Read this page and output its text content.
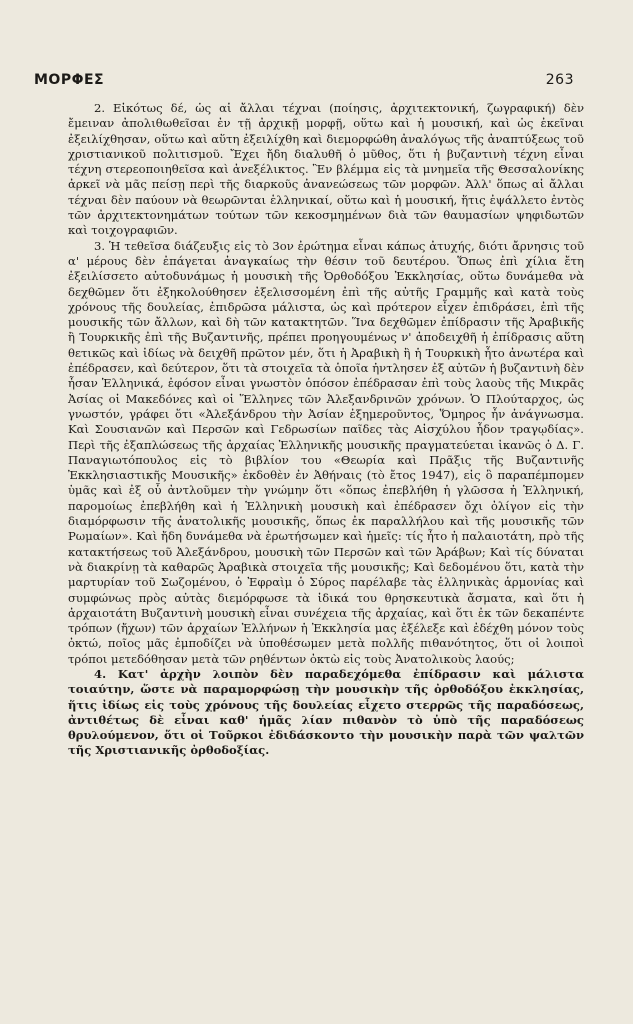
ΜΟΡΦΕΣ	263

2. Εἰκότως δέ, ὡς αἱ ἄλλαι τέχναι (ποίησις, ἀρχιτεκτονική, ζωγραφική) δὲν ἔμειναν ἀπολιθωθεῖσαι ἐν τῇ ἀρχικῇ μορφῇ, οὕτω καὶ ἡ μουσική, καὶ ὡς ἐκεῖναι ἐξειλίχθησαν, οὕτω καὶ αὕτη ἐξειλίχθη καὶ διεμορφώθη ἀναλόγως τῆς ἀναπτύξεως τοῦ χριστιανικοῦ πολιτισμοῦ. Ἔχει ἤδη διαλυθῆ ὁ μῦθος, ὅτι ἡ βυζαντινὴ τέχνη εἶναι τέχνη στερεοποιηθεῖσα καὶ ἀνεξέλικτος. Ἓν βλέμμα εἰς τὰ μνημεῖα τῆς Θεσσαλονίκης ἀρκεῖ νὰ μᾶς πείσῃ περὶ τῆς διαρκοῦς ἀνανεώσεως τῶν μορφῶν. Ἀλλ' ὅπως αἱ ἄλλαι τέχναι δὲν παύουν νὰ θεωρῶνται ἑλληνικαί, οὕτω καὶ ἡ μουσική, ἥτις ἐψάλλετο ἐντὸς τῶν ἀρχιτεκτονημάτων τούτων τῶν κεκοσμημένων διὰ τῶν θαυμασίων ψηφιδωτῶν καὶ τοιχογραφιῶν.

3. Ἡ τεθεῖσα διάζευξις εἰς τὸ 3ον ἐρώτημα εἶναι κάπως ἀτυχής, διότι ἄρνησις τοῦ α' μέρους δὲν ἐπάγεται ἀναγκαίως τὴν θέσιν τοῦ δευτέρου. Ὅπως ἐπὶ χίλια ἔτη ἐξειλίσσετο αὐτοδυνάμως ἡ μουσικὴ τῆς Ὀρθοδόξου Ἐκκλησίας, οὕτω δυνάμεθα νὰ δεχθῶμεν ὅτι ἐξηκολούθησεν ἐξελισσομένη ἐπὶ τῆς αὐτῆς Γραμμῆς καὶ κατὰ τοὺς χρόνους τῆς δουλείας, ἐπιδρῶσα μάλιστα, ὡς καὶ πρότερον εἶχεν ἐπιδράσει, ἐπὶ τῆς μουσικῆς τῶν ἄλλων, καὶ δὴ τῶν κατακτητῶν. Ἵνα δεχθῶμεν ἐπίδρασιν τῆς Ἀραβικῆς ἢ Τουρκικῆς ἐπὶ τῆς Βυζαντινῆς, πρέπει προηγουμένως ν' ἀποδειχθῆ ἡ ἐπίδρασις αὕτη θετικῶς καὶ ἰδίως νὰ δειχθῆ πρῶτον μέν, ὅτι ἡ Ἀραβικὴ ἢ ἡ Τουρκικὴ ἦτο ἀνωτέρα καὶ ἐπέδρασεν, καὶ δεύτερον, ὅτι τὰ στοιχεῖα τὰ ὁποῖα ἠντλησεν ἐξ αὐτῶν ἡ βυζαντινὴ δὲν ἦσαν Ἑλληνικά, ἐφόσον εἶναι γνωστὸν ὁπόσον ἐπέδρασαν ἐπὶ τοὺς λαοὺς τῆς Μικρᾶς Ἀσίας οἱ Μακεδόνες καὶ οἱ Ἕλληνες τῶν Ἀλεξανδρινῶν χρόνων. Ὁ Πλούταρχος, ὡς γνωστόν, γράφει ὅτι «Ἀλεξάνδρου τὴν Ἀσίαν ἐξημεροῦντος, Ὅμηρος ἦν ἀνάγνωσμα. Καὶ Σουσιανῶν καὶ Περσῶν καὶ Γεδρωσίων παῖδες τὰς Αἰσχύλου ἦδον τραγῳδίας». Περὶ τῆς ἐξαπλώσεως τῆς ἀρχαίας Ἑλληνικῆς μουσικῆς πραγματεύεται ἱκανῶς ὁ Δ. Γ. Παναγιωτόπουλος εἰς τὸ βιβλίον του «Θεωρία καὶ Πρᾶξις τῆς Βυζαντινῆς Ἐκκλησιαστικῆς Μουσικῆς» ἐκδοθὲν ἐν Ἀθήναις (τὸ ἔτος 1947), εἰς ὃ παραπέμπομεν ὑμᾶς καὶ ἐξ οὗ ἀντλοῦμεν τὴν γνώμην ὅτι «ὅπως ἐπεβλήθη ἡ γλῶσσα ἡ Ἑλληνική, παρομοίως ἐπεβλήθη καὶ ἡ Ἑλληνικὴ μουσικὴ καὶ ἐπέδρασεν ὄχι ὀλίγον εἰς τὴν διαμόρφωσιν τῆς ἀνατολικῆς μουσικῆς, ὅπως ἐκ παραλλήλου καὶ τῆς μουσικῆς τῶν Ρωμαίων». Καὶ ἤδη δυνάμεθα νὰ ἐρωτήσωμεν καὶ ἡμεῖς: τίς ἦτο ἡ παλαιοτάτη, πρὸ τῆς κατακτήσεως τοῦ Ἀλεξάνδρου, μουσικὴ τῶν Περσῶν καὶ τῶν Ἀράβων; Καὶ τίς δύναται νὰ διακρίνῃ τὰ καθαρῶς Ἀραβικὰ στοιχεῖα τῆς μουσικῆς; Καὶ δεδομένου ὅτι, κατὰ τὴν μαρτυρίαν τοῦ Σωζομένου, ὁ Ἐφραὶμ ὁ Σύρος παρέλαβε τὰς ἑλληνικὰς ἁρμονίας καὶ συμφώνως πρὸς αὐτὰς διεμόρφωσε τὰ ἰδικά του θρησκευτικὰ ἄσματα, καὶ ὅτι ἡ ἀρχαιοτάτη Βυζαντινὴ μουσικὴ εἶναι συνέχεια τῆς ἀρχαίας, καὶ ὅτι ἐκ τῶν δεκαπέντε τρόπων (ἤχων) τῶν ἀρχαίων Ἑλλήνων ἡ Ἐκκλησία μας ἐξέλεξε καὶ ἐδέχθη μόνον τοὺς ὀκτώ, ποῖος μᾶς ἐμποδίζει νὰ ὑποθέσωμεν μετὰ πολλῆς πιθανότητος, ὅτι οἱ λοιποὶ τρόποι μετεδόθησαν μετὰ τῶν ρηθέντων ὀκτὼ εἰς τοὺς Ἀνατολικοὺς λαούς;

4. Κατ' ἀρχὴν λοιπὸν δὲν παραδεχόμεθα ἐπίδρασιν καὶ μάλιστα τοιαύτην, ὥστε νὰ παραμορφώσῃ τὴν μουσικὴν τῆς ὀρθοδόξου ἐκκλησίας, ἥτις ἰδίως εἰς τοὺς χρόνους τῆς δουλείας εἶχετο στερρῶς τῆς παραδόσεως, ἀντιθέτως δὲ εἶναι καθ' ἡμᾶς λίαν πιθανὸν τὸ ὑπὸ τῆς παραδόσεως θρυλούμενον, ὅτι οἱ Τοῦρκοι ἐδιδάσκοντο τὴν μουσικὴν παρὰ τῶν ψαλτῶν τῆς Χριστιανικῆς ὀρθοδοξίας.
